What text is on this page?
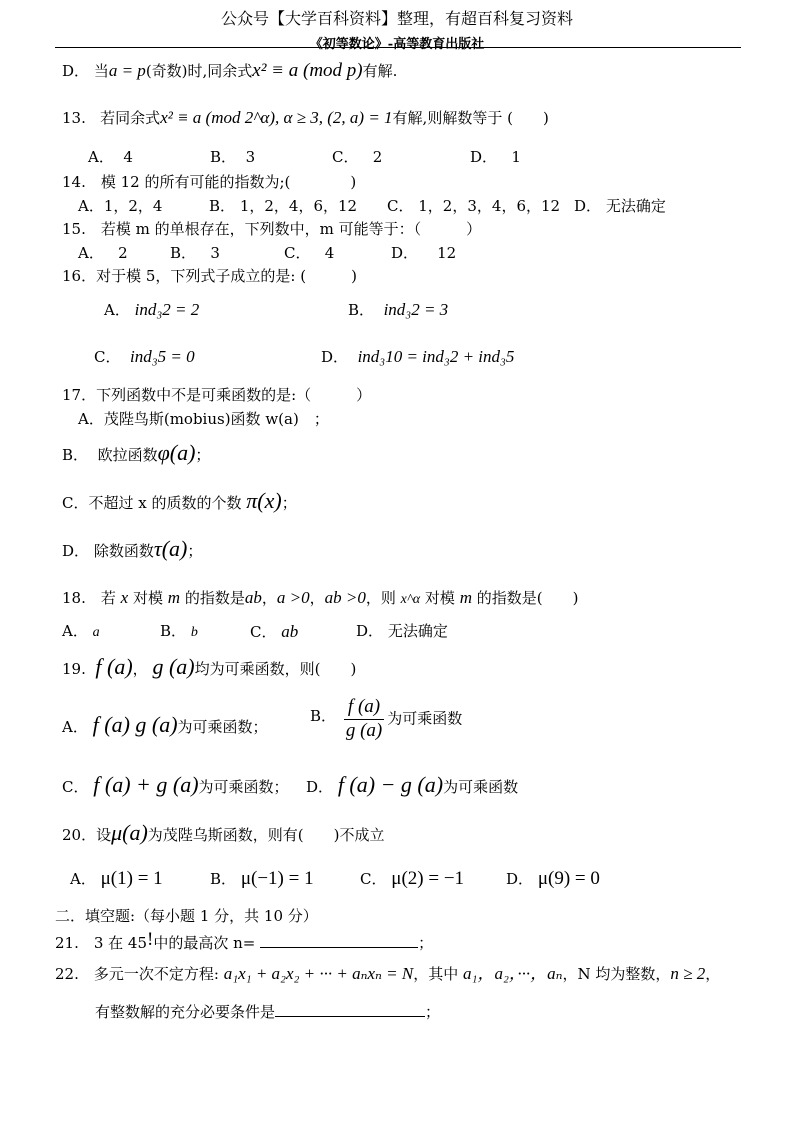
公众号【大学百科资料】整理，有超百科复习资料
《初等数论》-高等教育出版社
D． 当a = p(奇数)时,同余式x² ≡ a (mod p)有解.
13. 若同余式x² ≡ a (mod 2^α), α ≥ 3, (2, a) = 1有解,则解数等于 (　　)
A． 4	B． 3	C． 2	D． 1
14.　模 12 的所有可能的指数为;(　　　　)
A．1，2，4	B． 1，2，4，6，12 C． 1，2，3，4，6，12 D． 无法确定
15.　若模 m 的单根存在，下列数中，m 可能等于：（　　　）
A． 2	B． 3	C． 4	D． 12
16．对于模 5，下列式子成立的是: (　　　)
A． ind₃2 = 2	B． ind₃2 = 3
C． ind₃5 = 0	D． ind₃10 = ind₃2 + ind₃5
17．下列函数中不是可乘函数的是:（　　　）
A．茂陛鸟斯(mobius)函数 w(a)　；
B． 欧拉函数φ(a)；
C．不超过 x 的质数的个数 π(x)；
D． 除数函数τ(a)；
18.　若 x 对模 m 的指数是ab，a >0，ab >0，则 x^α 对模 m 的指数是(　　)
A． a	B． b	C． ab	D． 无法确定
19. f (a)， g (a)均为可乘函数，则(　　)
A． f (a) g (a)为可乘函数；
B． $\frac{f (a)}{g (a)}$ 为可乘函数
C． f (a) + g (a)为可乘函数； D． f (a) − g (a)为可乘函数
20．设μ(a)为茂陛乌斯函数，则有(　　)不成立
A． μ(1) = 1	B． μ(−1) = 1	C． μ(2) = −1	D． μ(9) = 0
二．填空题:（每小题 1 分，共 10 分）
21.　3 在 45!中的最高次 n=	；
22.　多元一次不定方程: a₁x₁ + a₂x₂ + ··· + aₙxₙ = N，其中 a₁，a₂，···，aₙ，N 均为整数，n ≥ 2，
有整数解的充分必要条件是	；
